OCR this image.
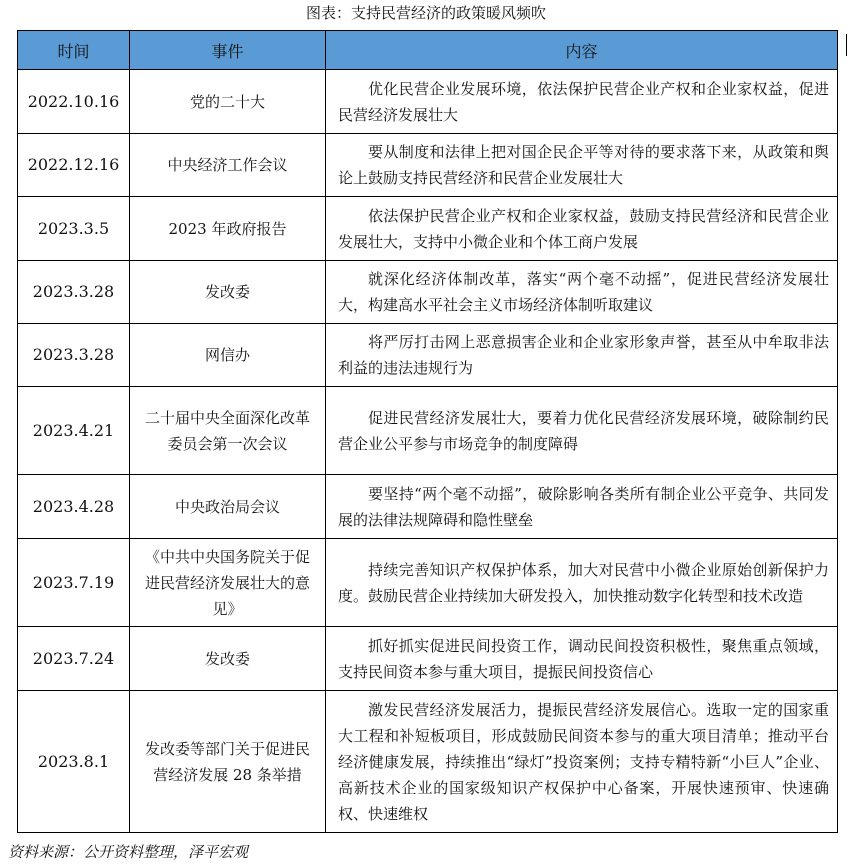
图表：支持民营经济的政策暖风频吹
时间	事件	内容
2022.10.16	党的二十大	优化民营企业发展环境，依法保护民营企业产权和企业家权益，促进民营经济发展壮大
2022.12.16	中央经济工作会议	要从制度和法律上把对国企民企平等对待的要求落下来，从政策和舆论上鼓励支持民营经济和民营企业发展壮大
2023.3.5	2023 年政府报告	依法保护民营企业产权和企业家权益，鼓励支持民营经济和民营企业发展壮大，支持中小微企业和个体工商户发展
2023.3.28	发改委	就深化经济体制改革，落实“两个毫不动摇”，促进民营经济发展壮大，构建高水平社会主义市场经济体制听取建议
2023.3.28	网信办	将严厉打击网上恶意损害企业和企业家形象声誉，甚至从中牟取非法利益的违法违规行为
2023.4.21	二十届中央全面深化改革委员会第一次会议	促进民营经济发展壮大，要着力优化民营经济发展环境，破除制约民营企业公平参与市场竞争的制度障碍
2023.4.28	中央政治局会议	要坚持“两个毫不动摇”，破除影响各类所有制企业公平竞争、共同发展的法律法规障碍和隐性壁垒
2023.7.19	《中共中央国务院关于促进民营经济发展壮大的意见》	持续完善知识产权保护体系，加大对民营中小微企业原始创新保护力度。鼓励民营企业持续加大研发投入，加快推动数字化转型和技术改造
2023.7.24	发改委	抓好抓实促进民间投资工作，调动民间投资积极性，聚焦重点领域，支持民间资本参与重大项目，提振民间投资信心
2023.8.1	发改委等部门关于促进民营经济发展 28 条举措	激发民营经济发展活力，提振民营经济发展信心。选取一定的国家重大工程和补短板项目，形成鼓励民间资本参与的重大项目清单；推动平台经济健康发展，持续推出“绿灯”投资案例；支持专精特新“小巨人”企业、高新技术企业的国家级知识产权保护中心备案，开展快速预审、快速确权、快速维权
资料来源：公开资料整理，泽平宏观
